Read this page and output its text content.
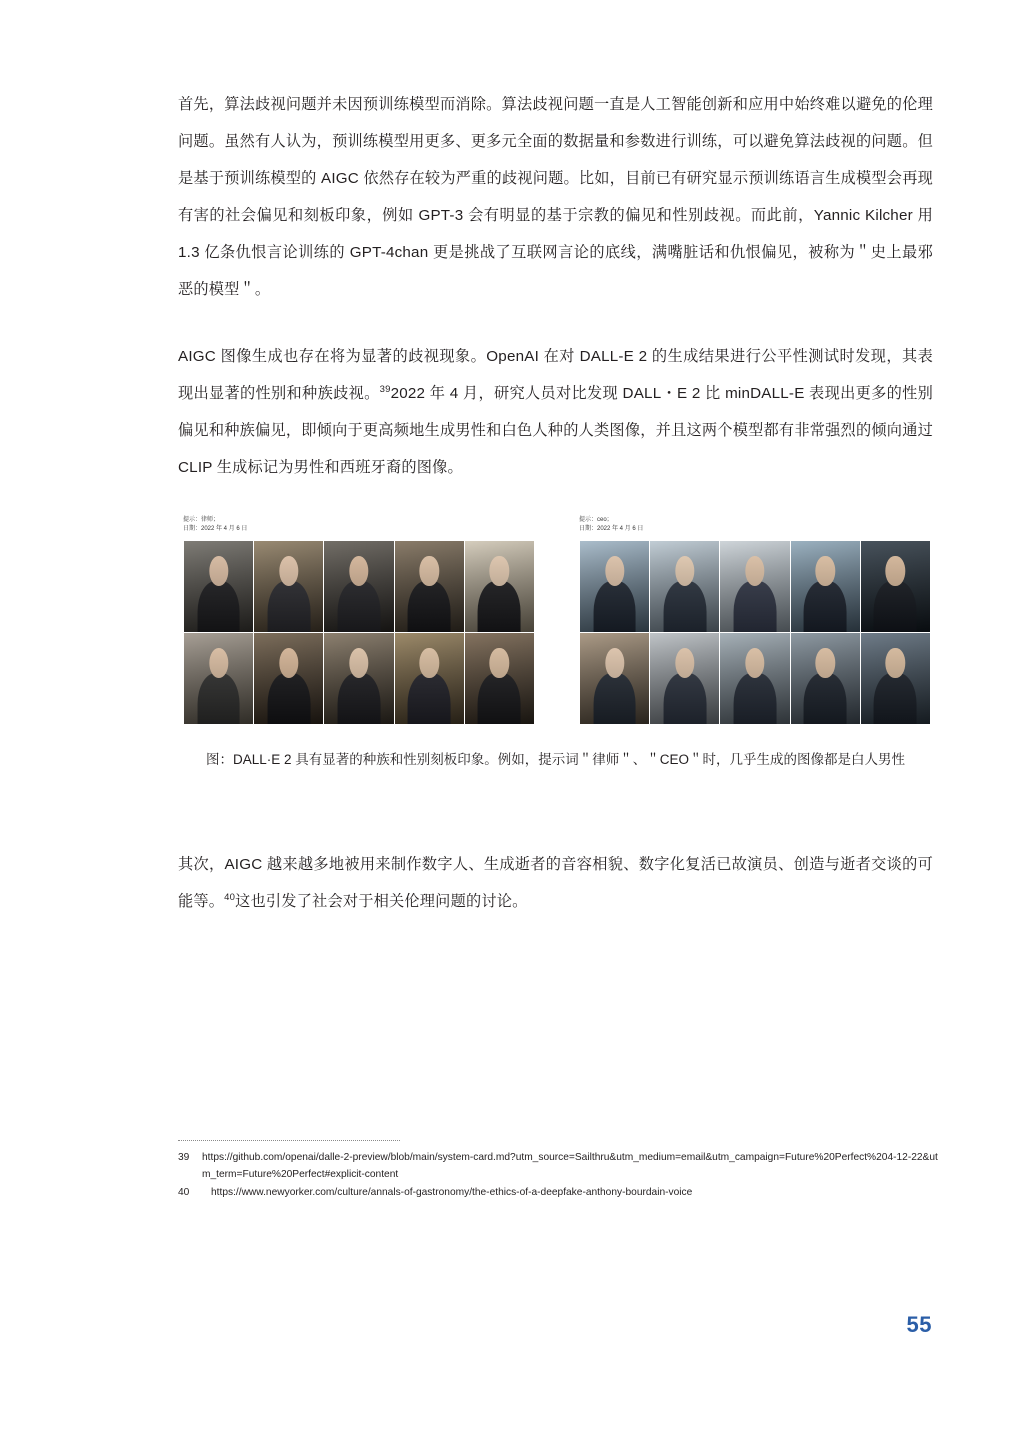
首先，算法歧视问题并未因预训练模型而消除。算法歧视问题一直是人工智能创新和应用中始终难以避免的伦理问题。虽然有人认为，预训练模型用更多、更多元全面的数据量和参数进行训练，可以避免算法歧视的问题。但是基于预训练模型的 AIGC 依然存在较为严重的歧视问题。比如，目前已有研究显示预训练语言生成模型会再现有害的社会偏见和刻板印象，例如 GPT-3 会有明显的基于宗教的偏见和性别歧视。而此前，Yannic Kilcher 用 1.3 亿条仇恨言论训练的 GPT-4chan 更是挑战了互联网言论的底线，满嘴脏话和仇恨偏见，被称为＂史上最邪恶的模型＂。

AIGC 图像生成也存在将为显著的歧视现象。OpenAI 在对 DALL-E 2 的生成结果进行公平性测试时发现，其表现出显著的性别和种族歧视。$^{39}$2022 年 4 月，研究人员对比发现 DALL・E 2 比 minDALL-E 表现出更多的性别偏见和种族偏见，即倾向于更高频地生成男性和白色人种的人类图像，并且这两个模型都有非常强烈的倾向通过 CLIP 生成标记为男性和西班牙裔的图像。

提示：律师；
日期：2022 年 4 月 6 日
提示：ceo；
日期：2022 年 4 月 6 日
图：DALL·E 2 具有显著的种族和性别刻板印象。例如，提示词＂律师＂、＂CEO＂时，几乎生成的图像都是白人男性

其次，AIGC 越来越多地被用来制作数字人、生成逝者的音容相貌、数字化复活已故演员、创造与逝者交谈的可能等。$^{40}$这也引发了社会对于相关伦理问题的讨论。

39	https://github.com/openai/dalle-2-preview/blob/main/system-card.md?utm_source=Sailthru&utm_medium=email&utm_campaign=Future%20Perfect%204-12-22&utm_term=Future%20Perfect#explicit-content
40	https://www.newyorker.com/culture/annals-of-gastronomy/the-ethics-of-a-deepfake-anthony-bourdain-voice
55
